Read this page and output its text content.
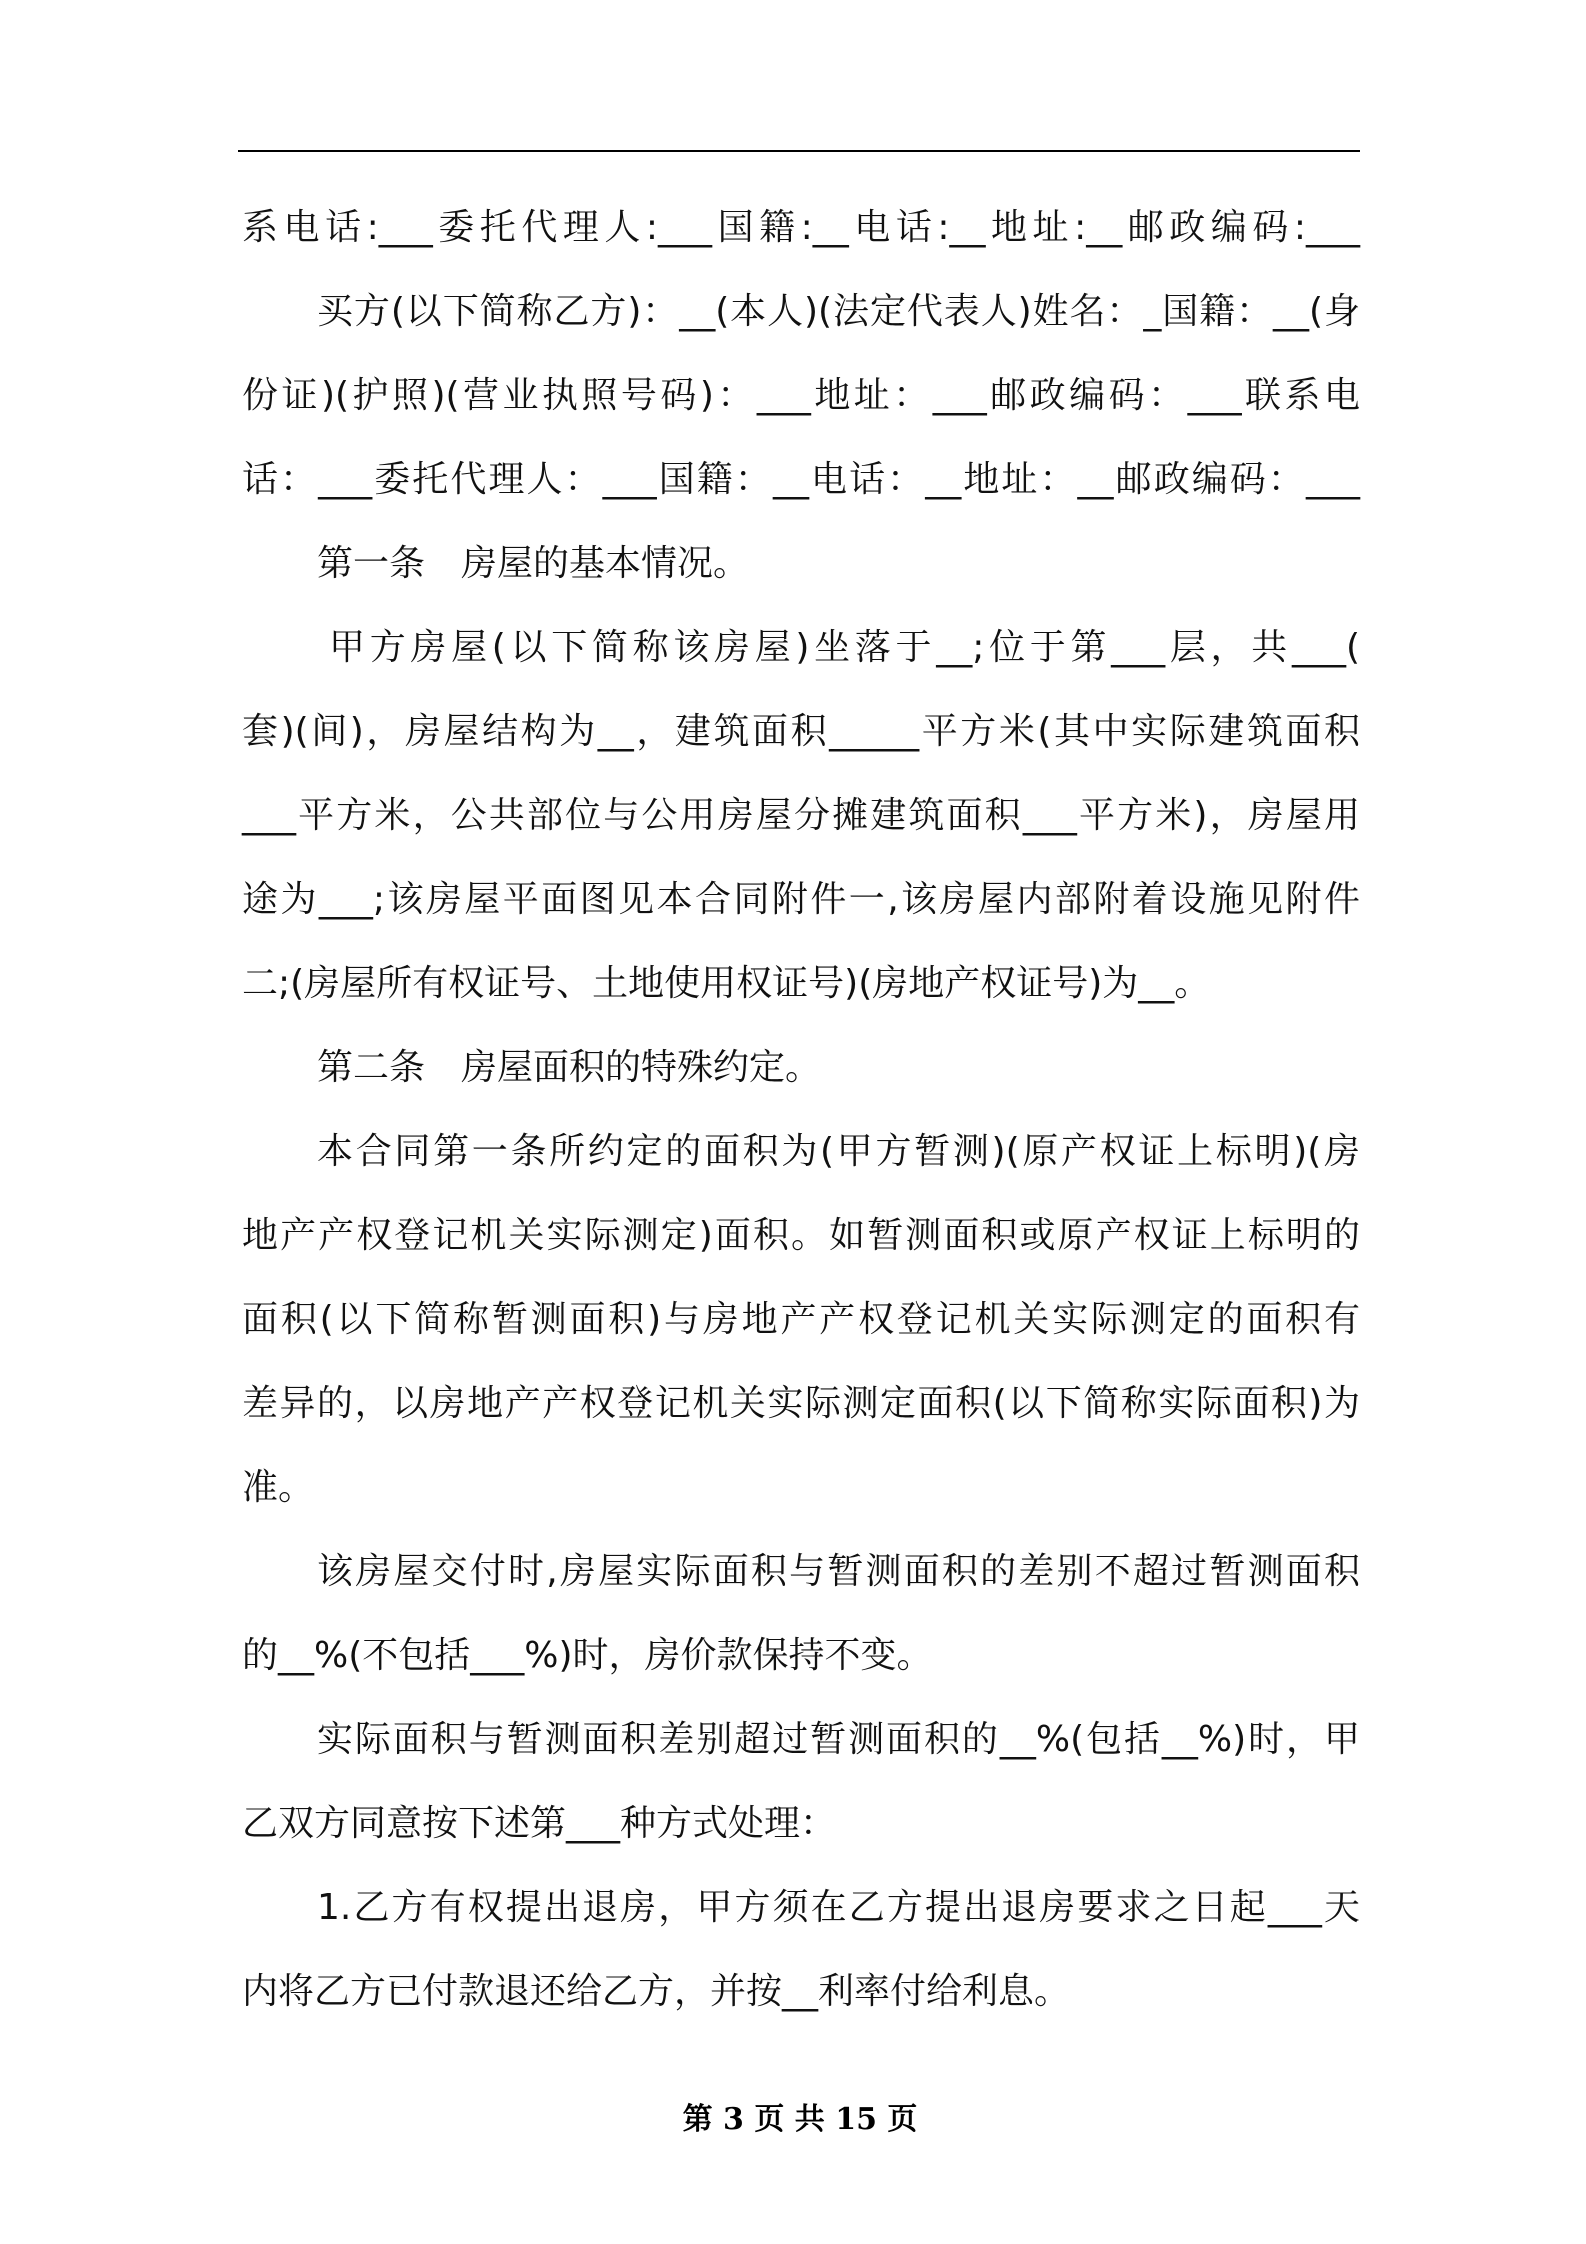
系电话:___委托代理人:___国籍:__电话:__地址:__邮政编码:___
买方(以下简称乙方)：__(本人)(法定代表人)姓名：_国籍：__(身
份证)(护照)(营业执照号码)：___地址：___邮政编码：___联系电
话：___委托代理人：___国籍：__电话：__地址：__邮政编码：___
第一条　房屋的基本情况。
甲方房屋(以下简称该房屋)坐落于__;位于第___层，共___(
套)(间)，房屋结构为__，建筑面积_____平方米(其中实际建筑面积
___平方米，公共部位与公用房屋分摊建筑面积___平方米)，房屋用
途为___;该房屋平面图见本合同附件一,该房屋内部附着设施见附件
二;(房屋所有权证号、土地使用权证号)(房地产权证号)为__。
第二条　房屋面积的特殊约定。
本合同第一条所约定的面积为(甲方暂测)(原产权证上标明)(房
地产产权登记机关实际测定)面积。如暂测面积或原产权证上标明的
面积(以下简称暂测面积)与房地产产权登记机关实际测定的面积有
差异的，以房地产产权登记机关实际测定面积(以下简称实际面积)为
准。
该房屋交付时,房屋实际面积与暂测面积的差别不超过暂测面积
的__%(不包括___%)时，房价款保持不变。
实际面积与暂测面积差别超过暂测面积的__%(包括__%)时，甲
乙双方同意按下述第___种方式处理：
1.乙方有权提出退房，甲方须在乙方提出退房要求之日起___天
内将乙方已付款退还给乙方，并按__利率付给利息。
第 3 页 共 15 页
